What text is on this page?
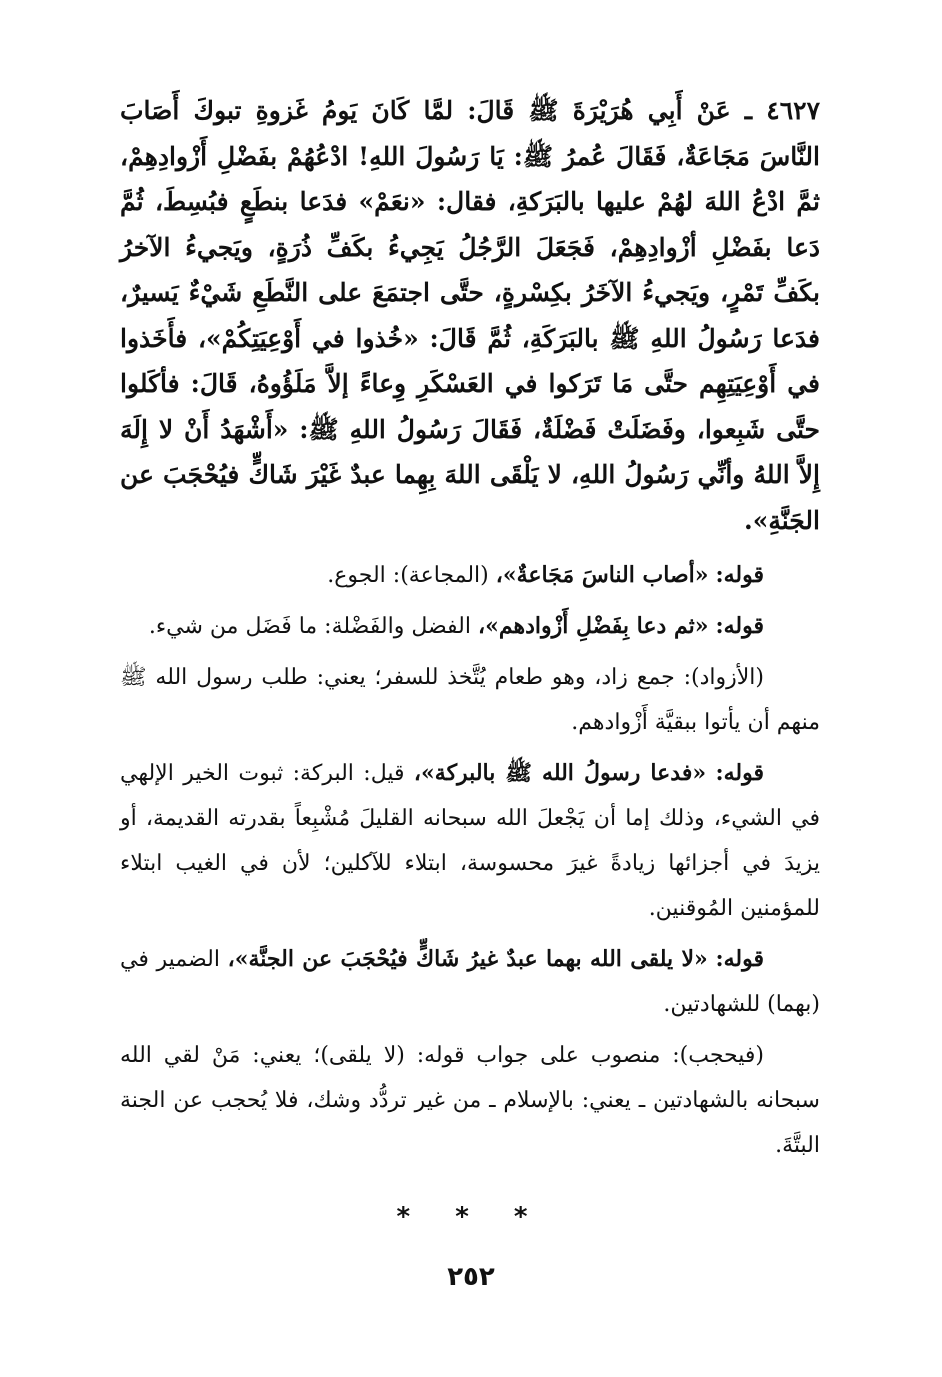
٤٦٢٧ ـ عَنْ أَبِي هُرَيْرَةَ ﷺ قَالَ: لمَّا كَانَ يَومُ غَزوةِ تبوكَ أَصَابَ النَّاسَ مَجَاعَةٌ، فَقَالَ عُمرُ ﷺ: يَا رَسُولَ اللهِ! ادْعُهُمْ بفَضْلِ أَزْوادِهِمْ، ثمَّ ادْعُ اللهَ لهُمْ عليها بالبَرَكةِ، فقال: «نعَمْ» فدَعا بنطَعٍ فبُسِطَ، ثُمَّ دَعا بفَضْلِ أزْوادِهِمْ، فَجَعَلَ الرَّجُلُ يَجِيءُ بكَفِّ ذُرَةٍ، ويَجيءُ الآخرُ بكَفِّ تَمْرٍ، ويَجيءُ الآخَرُ بكِسْرةٍ، حتَّى اجتمَعَ على النَّطَعِ شَيْءٌ يَسيرٌ، فدَعا رَسُولُ اللهِ ﷺ بالبَرَكَةِ، ثُمَّ قَالَ: «خُذوا في أَوْعِيَتِكُمْ»، فأَخَذوا في أَوْعِيَتِهِم حتَّى مَا تَرَكوا في العَسْكَرِ وِعاءً إلاَّ مَلَؤُوهُ، قَالَ: فأكَلوا حتَّى شَبِعوا، وفَضَلَتْ فَضْلَةٌ، فَقَالَ رَسُولُ اللهِ ﷺ: «أَشْهَدُ أَنْ لا إِلَهَ إِلاَّ اللهُ وأنِّي رَسُولُ اللهِ، لا يَلْقَى اللهَ بِهِما عبدٌ غَيْرَ شَاكٍّ فيُحْجَبَ عن الجَنَّةِ».

قوله: «أصاب الناسَ مَجَاعةٌ»، (المجاعة): الجوع.

قوله: «ثم دعا بِفَضْلِ أَزْوادهم»، الفضل والفَضْلة: ما فَضَل من شيء.

(الأزواد): جمع زاد، وهو طعام يُتَّخذ للسفر؛ يعني: طلب رسول الله ﷺ منهم أن يأتوا ببقيَّة أَزْوادهم.

قوله: «فدعا رسولُ الله ﷺ بالبركة»، قيل: البركة: ثبوت الخير الإلهي في الشيء، وذلك إما أن يَجْعلَ الله سبحانه القليلَ مُشْبِعاً بقدرته القديمة، أو يزيدَ في أجزائها زيادةً غيرَ محسوسة، ابتلاء للآكلين؛ لأن في الغيب ابتلاء للمؤمنين المُوقنين.

قوله: «لا يلقى الله بهما عبدٌ غيرُ شَاكٍّ فيُحْجَبَ عن الجنَّة»، الضمير في (بهما) للشهادتين.

(فيحجب): منصوب على جواب قوله: (لا يلقى)؛ يعني: مَنْ لقي الله سبحانه بالشهادتين ـ يعني: بالإسلام ـ من غير تردُّد وشك، فلا يُحجب عن الجنة البتَّةَ.

* * *
٢٥٢
